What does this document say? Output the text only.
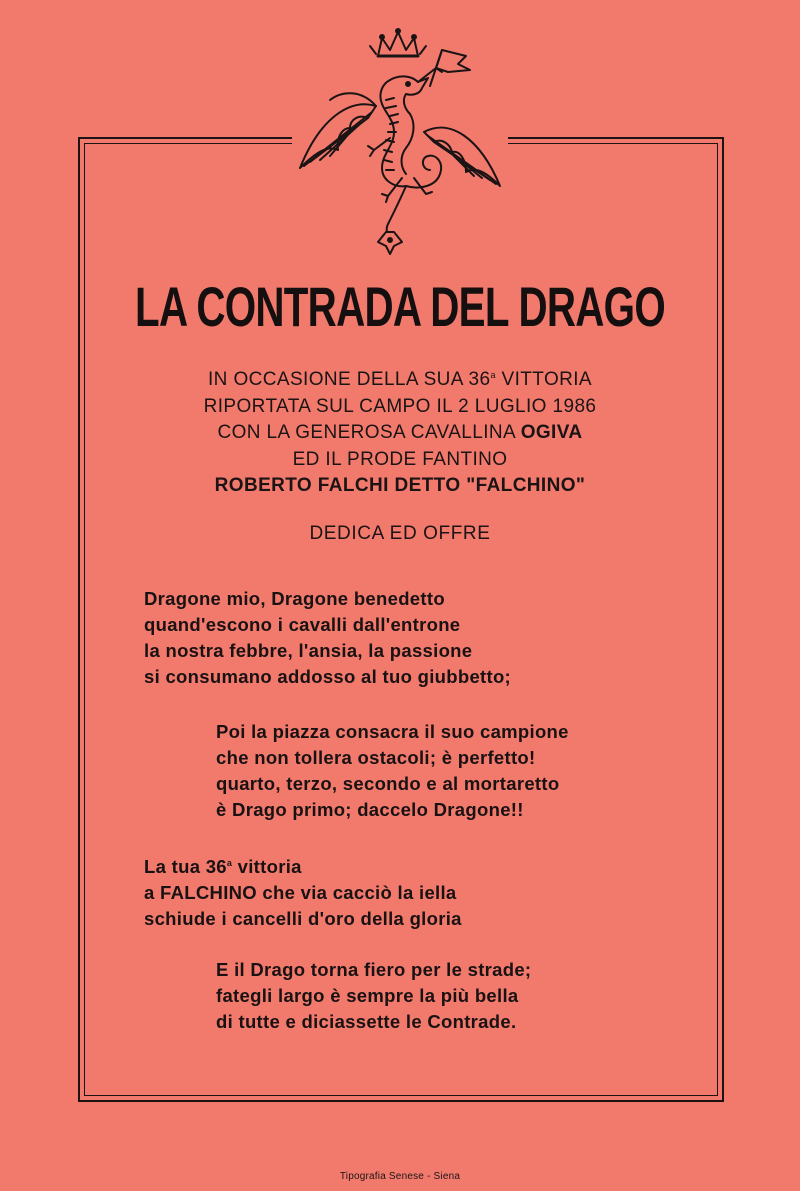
LA CONTRADA DEL DRAGO
IN OCCASIONE DELLA SUA 36$^a$ VITTORIA
RIPORTATA SUL CAMPO IL 2 LUGLIO 1986
CON LA GENEROSA CAVALLINA OGIVA
ED IL PRODE FANTINO
ROBERTO FALCHI DETTO "FALCHINO"
DEDICA ED OFFRE
Dragone mio, Dragone benedetto
quand'escono i cavalli dall'entrone
la nostra febbre, l'ansia, la passione
si consumano addosso al tuo giubbetto;
Poi la piazza consacra il suo campione
che non tollera ostacoli; è perfetto!
quarto, terzo, secondo e al mortaretto
è Drago primo; daccelo Dragone!!
La tua 36$^a$ vittoria
a FALCHINO che via cacciò la iella
schiude i cancelli d'oro della gloria
E il Drago torna fiero per le strade;
fategli largo è sempre la più bella
di tutte e diciassette le Contrade.
Tipografia Senese - Siena
